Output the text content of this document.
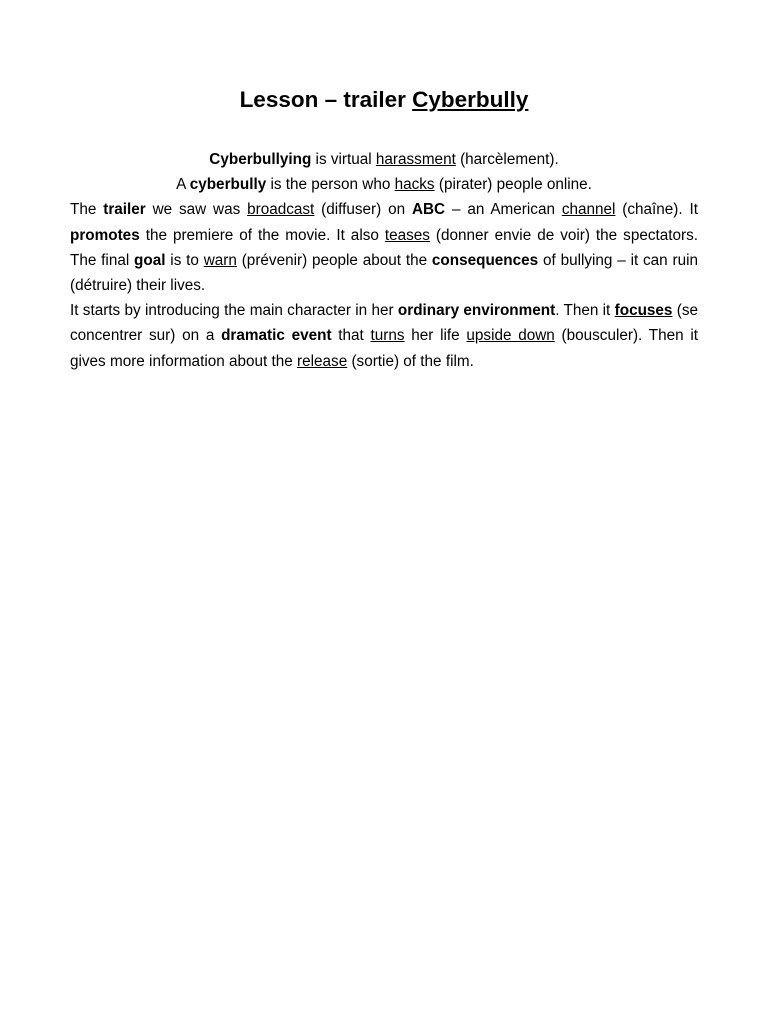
Lesson – trailer Cyberbully

Cyberbullying is virtual harassment (harcèlement).

A cyberbully is the person who hacks (pirater) people online.

The trailer we saw was broadcast (diffuser) on ABC – an American channel (chaîne). It promotes the premiere of the movie. It also teases (donner envie de voir) the spectators. The final goal is to warn (prévenir) people about the consequences of bullying – it can ruin (détruire) their lives.

It starts by introducing the main character in her ordinary environment. Then it focuses (se concentrer sur) on a dramatic event that turns her life upside down (bousculer). Then it gives more information about the release (sortie) of the film.
